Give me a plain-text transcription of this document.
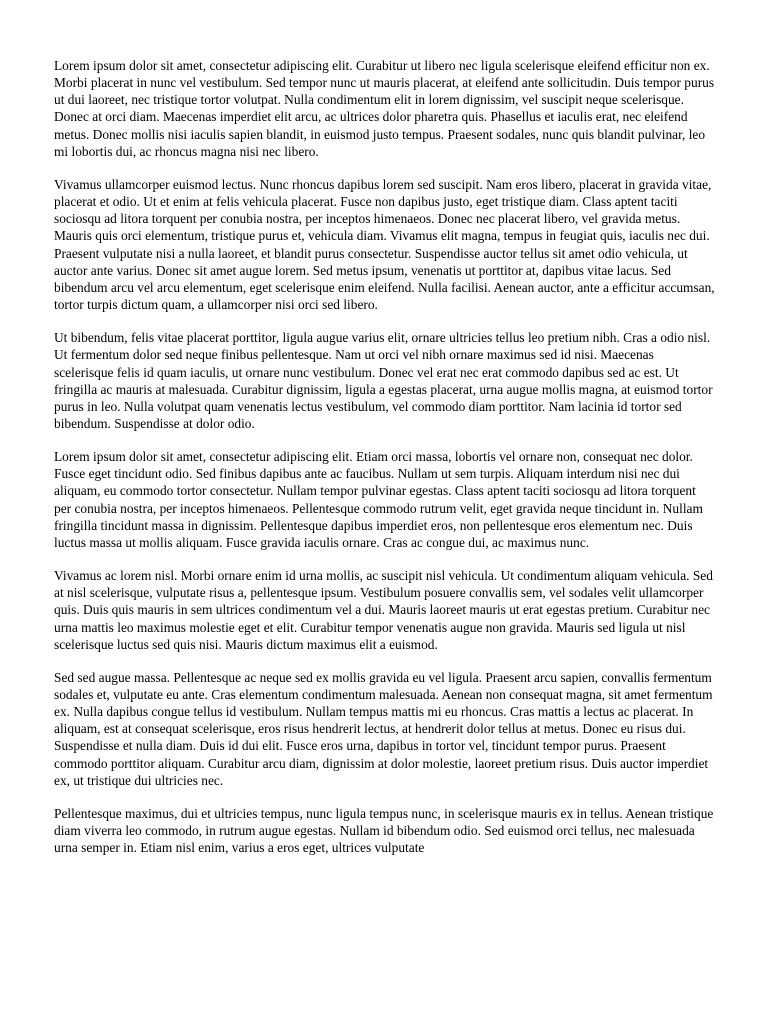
Lorem ipsum dolor sit amet, consectetur adipiscing elit. Curabitur ut libero nec ligula scelerisque eleifend efficitur non ex. Morbi placerat in nunc vel vestibulum. Sed tempor nunc ut mauris placerat, at eleifend ante sollicitudin. Duis tempor purus ut dui laoreet, nec tristique tortor volutpat. Nulla condimentum elit in lorem dignissim, vel suscipit neque scelerisque. Donec at orci diam. Maecenas imperdiet elit arcu, ac ultrices dolor pharetra quis. Phasellus et iaculis erat, nec eleifend metus. Donec mollis nisi iaculis sapien blandit, in euismod justo tempus. Praesent sodales, nunc quis blandit pulvinar, leo mi lobortis dui, ac rhoncus magna nisi nec libero.

Vivamus ullamcorper euismod lectus. Nunc rhoncus dapibus lorem sed suscipit. Nam eros libero, placerat in gravida vitae, placerat et odio. Ut et enim at felis vehicula placerat. Fusce non dapibus justo, eget tristique diam. Class aptent taciti sociosqu ad litora torquent per conubia nostra, per inceptos himenaeos. Donec nec placerat libero, vel gravida metus. Mauris quis orci elementum, tristique purus et, vehicula diam. Vivamus elit magna, tempus in feugiat quis, iaculis nec dui. Praesent vulputate nisi a nulla laoreet, et blandit purus consectetur. Suspendisse auctor tellus sit amet odio vehicula, ut auctor ante varius. Donec sit amet augue lorem. Sed metus ipsum, venenatis ut porttitor at, dapibus vitae lacus. Sed bibendum arcu vel arcu elementum, eget scelerisque enim eleifend. Nulla facilisi. Aenean auctor, ante a efficitur accumsan, tortor turpis dictum quam, a ullamcorper nisi orci sed libero.

Ut bibendum, felis vitae placerat porttitor, ligula augue varius elit, ornare ultricies tellus leo pretium nibh. Cras a odio nisl. Ut fermentum dolor sed neque finibus pellentesque. Nam ut orci vel nibh ornare maximus sed id nisi. Maecenas scelerisque felis id quam iaculis, ut ornare nunc vestibulum. Donec vel erat nec erat commodo dapibus sed ac est. Ut fringilla ac mauris at malesuada. Curabitur dignissim, ligula a egestas placerat, urna augue mollis magna, at euismod tortor purus in leo. Nulla volutpat quam venenatis lectus vestibulum, vel commodo diam porttitor. Nam lacinia id tortor sed bibendum. Suspendisse at dolor odio.

Lorem ipsum dolor sit amet, consectetur adipiscing elit. Etiam orci massa, lobortis vel ornare non, consequat nec dolor. Fusce eget tincidunt odio. Sed finibus dapibus ante ac faucibus. Nullam ut sem turpis. Aliquam interdum nisi nec dui aliquam, eu commodo tortor consectetur. Nullam tempor pulvinar egestas. Class aptent taciti sociosqu ad litora torquent per conubia nostra, per inceptos himenaeos. Pellentesque commodo rutrum velit, eget gravida neque tincidunt in. Nullam fringilla tincidunt massa in dignissim. Pellentesque dapibus imperdiet eros, non pellentesque eros elementum nec. Duis luctus massa ut mollis aliquam. Fusce gravida iaculis ornare. Cras ac congue dui, ac maximus nunc.

Vivamus ac lorem nisl. Morbi ornare enim id urna mollis, ac suscipit nisl vehicula. Ut condimentum aliquam vehicula. Sed at nisl scelerisque, vulputate risus a, pellentesque ipsum. Vestibulum posuere convallis sem, vel sodales velit ullamcorper quis. Duis quis mauris in sem ultrices condimentum vel a dui. Mauris laoreet mauris ut erat egestas pretium. Curabitur nec urna mattis leo maximus molestie eget et elit. Curabitur tempor venenatis augue non gravida. Mauris sed ligula ut nisl scelerisque luctus sed quis nisi. Mauris dictum maximus elit a euismod.

Sed sed augue massa. Pellentesque ac neque sed ex mollis gravida eu vel ligula. Praesent arcu sapien, convallis fermentum sodales et, vulputate eu ante. Cras elementum condimentum malesuada. Aenean non consequat magna, sit amet fermentum ex. Nulla dapibus congue tellus id vestibulum. Nullam tempus mattis mi eu rhoncus. Cras mattis a lectus ac placerat. In aliquam, est at consequat scelerisque, eros risus hendrerit lectus, at hendrerit dolor tellus at metus. Donec eu risus dui. Suspendisse et nulla diam. Duis id dui elit. Fusce eros urna, dapibus in tortor vel, tincidunt tempor purus. Praesent commodo porttitor aliquam. Curabitur arcu diam, dignissim at dolor molestie, laoreet pretium risus. Duis auctor imperdiet ex, ut tristique dui ultricies nec.

Pellentesque maximus, dui et ultricies tempus, nunc ligula tempus nunc, in scelerisque mauris ex in tellus. Aenean tristique diam viverra leo commodo, in rutrum augue egestas. Nullam id bibendum odio. Sed euismod orci tellus, nec malesuada urna semper in. Etiam nisl enim, varius a eros eget, ultrices vulputate
